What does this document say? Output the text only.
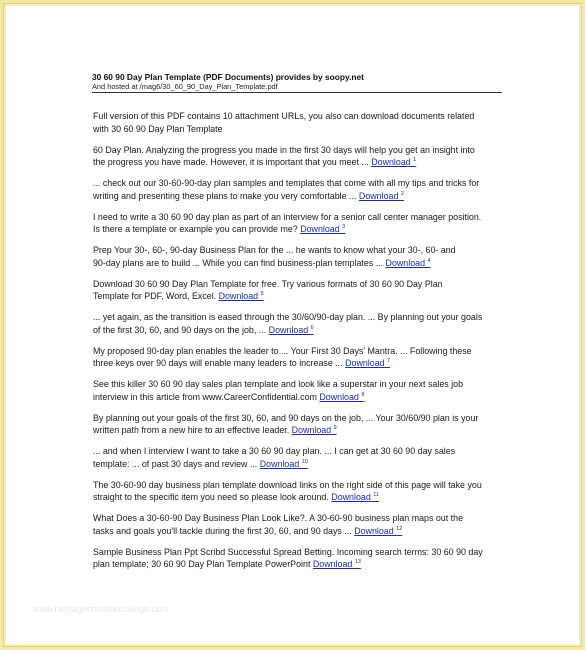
30 60 90 Day Plan Template (PDF Documents) provides by soopy.net
And hosted at /mag6/30_60_90_Day_Plan_Template.pdf
Full version of this PDF contains 10 attachment URLs, you also can download documents related
with 30 60 90 Day Plan Template
60 Day Plan. Analyzing the progress you made in the first 30 days will help you get an insight into
the progress you have made. However, it is important that you meet ... Download $^1$
... check out our 30-60-90-day plan samples and templates that come with all my tips and tricks for
writing and presenting these plans to make you very comfortable ... Download $^2$
I need to write a 30 60 90 day plan as part of an interview for a senior call center manager position.
Is there a template or example you can provide me? Download $^3$
Prep Your 30-, 60-, 90-day Business Plan for the ... he wants to know what your 30-, 60- and
90-day plans are to build ... While you can find business-plan templates ... Download $^4$
Download 30 60 90 Day Plan Template for free. Try various formats of 30 60 90 Day Plan
Template for PDF, Word, Excel. Download $^5$
... yet again, as the transition is eased through the 30/60/90-day plan. ... By planning out your goals
of the first 30, 60, and 90 days on the job, ... Download $^6$
My proposed 90-day plan enables the leader to ... Your First 30 Days' Mantra. ... Following these
three keys over 90 days will enable many leaders to increase ... Download $^7$
See this killer 30 60 90 day sales plan template and look like a superstar in your next sales job
interview in this article from www.CareerConfidential.com Download $^8$
By planning out your goals of the first 30, 60, and 90 days on the job, ... Your 30/60/90 plan is your
written path from a new hire to an effective leader. Download $^9$
... and when I interview I want to take a 30 60 90 day plan. ... I can get at 30 60 90 day sales
template: ... of past 30 days and review ... Download $^{10}$
The 30-60-90 day business plan template download links on the right side of this page will take you
straight to the specific item you need so please look around. Download $^{11}$
What Does a 30-60-90 Day Business Plan Look Like?. A 30-60-90 business plan maps out the
tasks and goals you'll tackle during the first 30, 60, and 90 days ... Download $^{12}$
Sample Business Plan Ppt Scribd Successful Spread Betting. Incoming search terms: 30 60 90 day
plan template; 30 60 90 Day Plan Template PowerPoint Download $^{13}$
www.heritagechristiancollege.com
